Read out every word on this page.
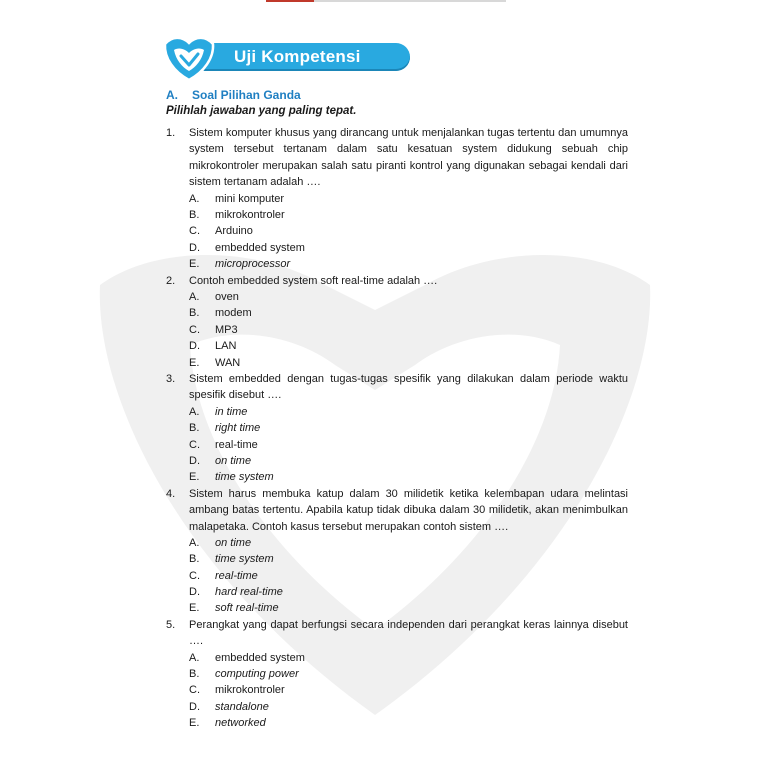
Uji Kompetensi
A. Soal Pilihan Ganda
Pilihlah jawaban yang paling tepat.
1. Sistem komputer khusus yang dirancang untuk menjalankan tugas tertentu dan umumnya system tersebut tertanam dalam satu kesatuan system didukung sebuah chip mikrokontroler merupakan salah satu piranti kontrol yang digunakan sebagai kendali dari sistem tertanam adalah ….
A. mini komputer
B. mikrokontroler
C. Arduino
D. embedded system
E. microprocessor
2. Contoh embedded system soft real-time adalah ….
A. oven
B. modem
C. MP3
D. LAN
E. WAN
3. Sistem embedded dengan tugas-tugas spesifik yang dilakukan dalam periode waktu spesifik disebut ….
A. in time
B. right time
C. real-time
D. on time
E. time system
4. Sistem harus membuka katup dalam 30 milidetik ketika kelembapan udara melintasi ambang batas tertentu. Apabila katup tidak dibuka dalam 30 milidetik, akan menimbulkan malapetaka. Contoh kasus tersebut merupakan contoh sistem ….
A. on time
B. time system
C. real-time
D. hard real-time
E. soft real-time
5. Perangkat yang dapat berfungsi secara independen dari perangkat keras lainnya disebut ….
A. embedded system
B. computing power
C. mikrokontroler
D. standalone
E. networked
